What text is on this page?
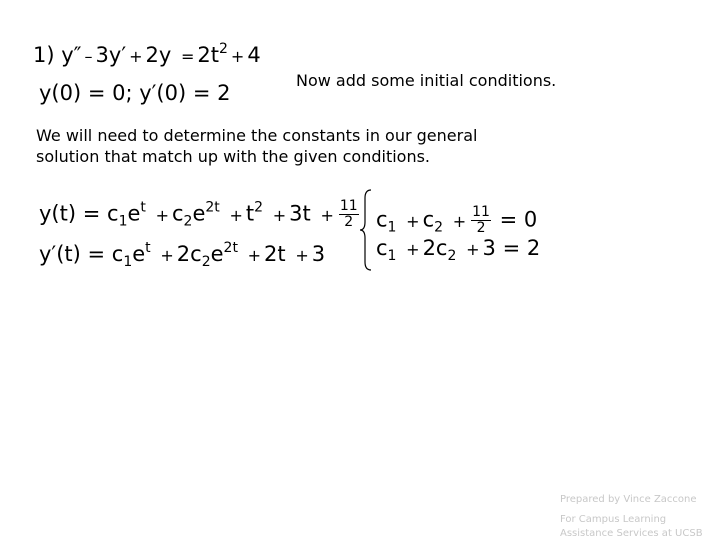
1) $y'' - 3y' + 2y = 2t^2 + 4$
y(0) = 0; y′(0) = 2
Now add some initial conditions.
We will need to determine the constants in our general
solution that match up with the given conditions.
$y(t) = c_1e^t + c_2e^{2t} + t^2 + 3t + \frac{11}{2}$
$y'(t) = c_1e^t + 2c_2e^{2t} + 2t + 3$
$c_1 + c_2 + \frac{11}{2} = 0$
$c_1 + 2c_2 + 3 = 2$
Prepared by Vince Zaccone
For Campus Learning
Assistance Services at UCSB
